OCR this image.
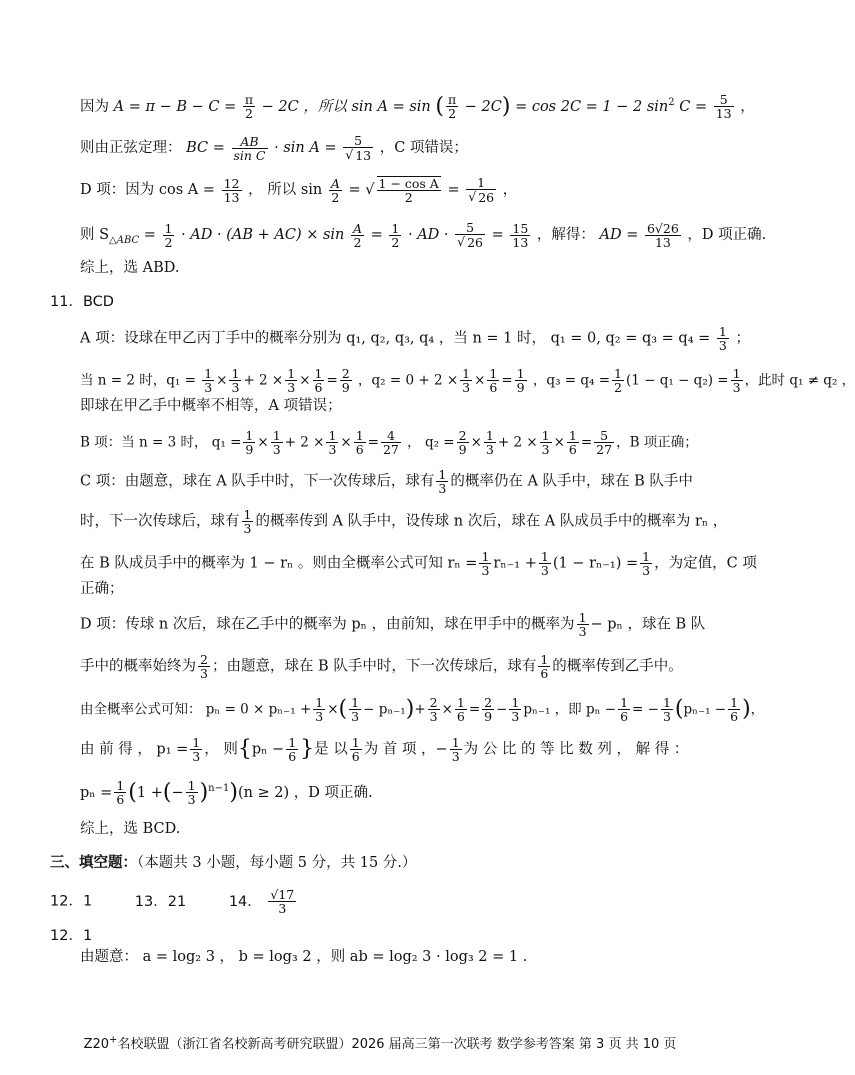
因为 $A = \pi - B - C = \frac{\pi}{2} - 2C$ ，所以 sin A = sin ( $\frac{\pi}{2} - 2C) = \cos 2C = 1 - 2$ $\sin^2 C = \frac{5}{13}$ ，
则由正弦定理： BC = $\frac{AB}{\text{sin C}} \cdot \sin A = \frac{5}{√ 13}$ ，C 项错误；
D 项：因为 $\cos A = \frac{12}{13}$ ， 所以 $\sin \frac{A}{2}$ = √ $\frac{\text{1 − cos A}}{2} = \frac{1}{√ 26}$ ，
则 $S_{\triangle ABC} = \frac{1}{2}$ · AD · $(AB + AC) \times \sin \frac{A}{2} = \frac{1}{2}$ · AD · $\frac{5}{√ 26} = \frac{15}{13}$ ，解得： AD = $\frac{6√26}{13}$ ，D 项正确.
综上，选 ABD.
11．BCD
A 项：设球在甲乙丙丁手中的概率分别为 q₁, q₂, q₃, q₄ ，当 n = 1 时， q₁ = 0, $q_2 = q_3 = q_4 = \frac{1}{3}$ ；
当 n = 2 时，$q_1 = \frac{1}{3} \times \frac{1}{3} + 2 \times \frac{1}{3} \times \frac{1}{6} = \frac{2}{9}$ ，$q_2 = 0 + 2 \times \frac{1}{3} \times \frac{1}{6} = \frac{1}{9}$ ，$q_3 = q_4 = \frac{1}{2} (1 - q_1 - q_2) = \frac{1}{3}$ ，此时 q₁ ≠ q₂ ，
即球在甲乙手中概率不相等，A 项错误；
B 项：当 n = 3 时， $q_1 = \frac{1}{9} \times \frac{1}{3} + 2 \times \frac{1}{3} \times \frac{1}{6} = \frac{4}{27}$ ， $q_2 = \frac{2}{9} \times \frac{1}{3} + 2 \times \frac{1}{3} \times \frac{1}{6} = \frac{5}{27}$ ，B 项正确；
C 项：由题意，球在 A 队手中时，下一次传球后，球有 $\frac{1}{3}$ 的概率仍在 A 队手中，球在 B 队手中
时，下一次传球后，球有 $\frac{1}{3}$ 的概率传到 A 队手中，设传球 n 次后，球在 A 队成员手中的概率为 rₙ ，
在 B 队成员手中的概率为 1 − rₙ 。则由全概率公式可知 $r_n = \frac{1}{3} r_{n-1} + \frac{1}{3} (1 - r_{n-1}) = \frac{1}{3}$ ，为定值，C 项
正确；
D 项：传球 n 次后，球在乙手中的概率为 pₙ ，由前知，球在甲手中的概率为 $\frac{1}{3} - p_n$ ，球在 B 队
手中的概率始终为 $\frac{2}{3}$ ；由题意，球在 B 队手中时，下一次传球后，球有 $\frac{1}{6}$ 的概率传到乙手中。
由全概率公式可知： $p_n = 0 \times p_{n-1} + \frac{1}{3}$ ×( $\frac{1}{3} - p_{n-1})+ \frac{2}{3} \times \frac{1}{6} = \frac{2}{9} - \frac{1}{3} p_{n-1}$ ，即 $p_n - \frac{1}{6}$ = − $\frac{1}{3} (p_{n-1} - \frac{1}{6}$ )，
由 前 得 ， $p_1 = \frac{1}{3}$ ， 则{$p_n - \frac{1}{6}$ }是 以 $\frac{1}{6}$ 为 首 项 ，− $\frac{1}{3}$ 为 公 比 的 等 比 数 列 ， 解 得 ：
$p_n = \frac{1}{6} (1$ +(− $\frac{1}{3} )^{n-1})(n \ge 2)$ ，D 项正确.
综上，选 BCD.
三、填空题：（本题共 3 小题，每小题 5 分，共 15 分.）
12．1	13．21	14． $\frac{√17}{3}$
12．1
由题意： a = log₂ 3 ， b = log₃ 2 ，则 ab = log₂ 3 · log₃ 2 = 1 .
Z20+名校联盟（浙江省名校新高考研究联盟）2026 届高三第一次联考 数学参考答案 第 3 页 共 10 页
